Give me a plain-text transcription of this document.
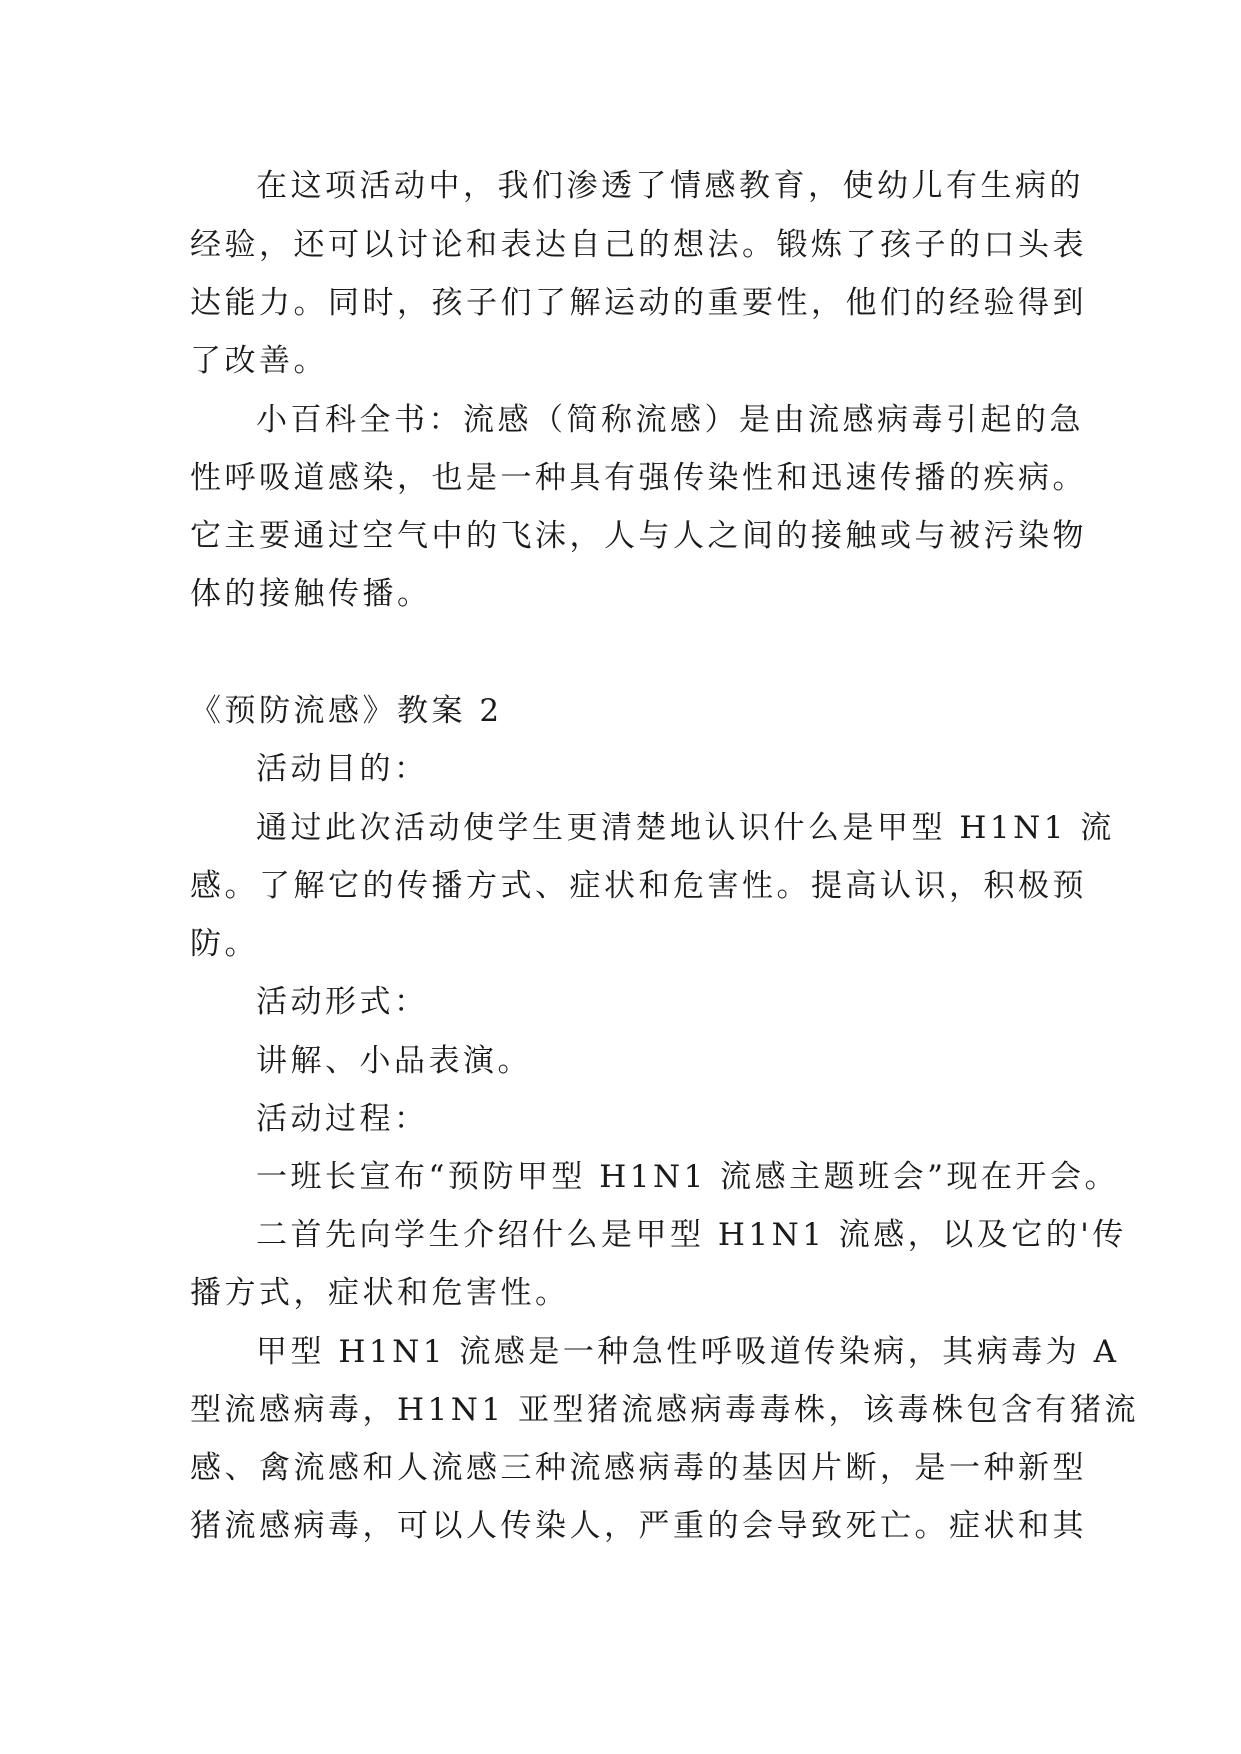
在这项活动中，我们渗透了情感教育，使幼儿有生病的
经验，还可以讨论和表达自己的想法。锻炼了孩子的口头表
达能力。同时，孩子们了解运动的重要性，他们的经验得到
了改善。
小百科全书：流感（简称流感）是由流感病毒引起的急
性呼吸道感染，也是一种具有强传染性和迅速传播的疾病。
它主要通过空气中的飞沫，人与人之间的接触或与被污染物
体的接触传播。
《预防流感》教案 2
活动目的：
通过此次活动使学生更清楚地认识什么是甲型 H1N1 流
感。了解它的传播方式、症状和危害性。提高认识，积极预
防。
活动形式：
讲解、小品表演。
活动过程：
一班长宣布“预防甲型 H1N1 流感主题班会”现在开会。
二首先向学生介绍什么是甲型 H1N1 流感，以及它的'传
播方式，症状和危害性。
甲型 H1N1 流感是一种急性呼吸道传染病，其病毒为 A
型流感病毒，H1N1 亚型猪流感病毒毒株，该毒株包含有猪流
感、禽流感和人流感三种流感病毒的基因片断，是一种新型
猪流感病毒，可以人传染人，严重的会导致死亡。症状和其
